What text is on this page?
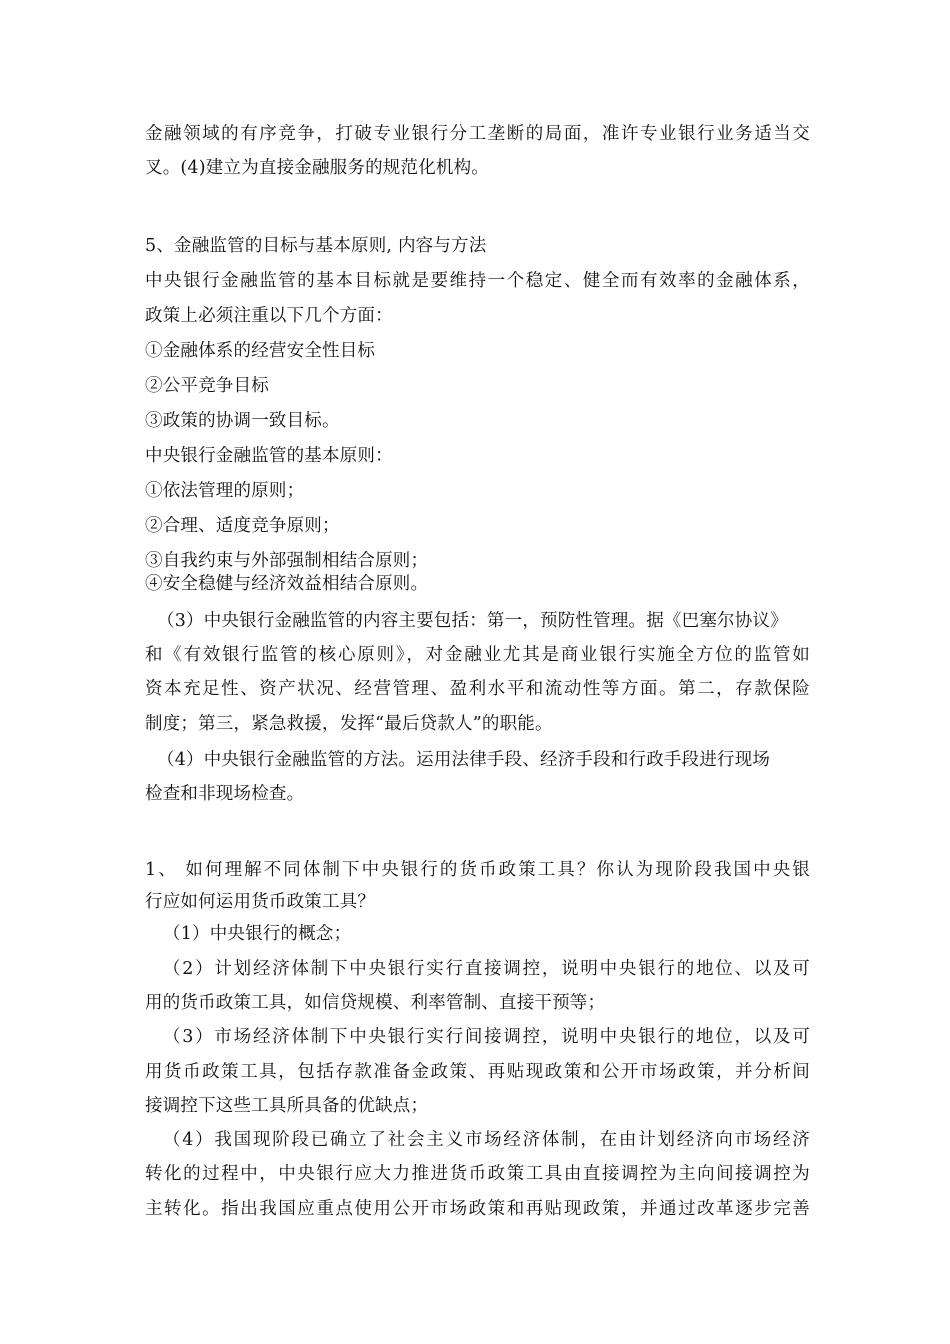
金融领域的有序竞争，打破专业银行分工垄断的局面，准许专业银行业务适当交
叉。(4)建立为直接金融服务的规范化机构。
5、金融监管的目标与基本原则, 内容与方法
中央银行金融监管的基本目标就是要维持一个稳定、健全而有效率的金融体系，
政策上必须注重以下几个方面：
①金融体系的经营安全性目标
②公平竞争目标
③政策的协调一致目标。
中央银行金融监管的基本原则：
①依法管理的原则；
②合理、适度竞争原则；
③自我约束与外部强制相结合原则；
④安全稳健与经济效益相结合原则。
（3）中央银行金融监管的内容主要包括：第一，预防性管理。据《巴塞尔协议》
和《有效银行监管的核心原则》，对金融业尤其是商业银行实施全方位的监管如
资本充足性、资产状况、经营管理、盈利水平和流动性等方面。第二，存款保险
制度；第三，紧急救援，发挥“最后贷款人”的职能。
（4）中央银行金融监管的方法。运用法律手段、经济手段和行政手段进行现场
检查和非现场检查。
1、 如何理解不同体制下中央银行的货币政策工具？你认为现阶段我国中央银
行应如何运用货币政策工具？
（1）中央银行的概念；
（2）计划经济体制下中央银行实行直接调控，说明中央银行的地位、以及可
用的货币政策工具，如信贷规模、利率管制、直接干预等；
（3）市场经济体制下中央银行实行间接调控，说明中央银行的地位，以及可
用货币政策工具，包括存款准备金政策、再贴现政策和公开市场政策，并分析间
接调控下这些工具所具备的优缺点；
（4）我国现阶段已确立了社会主义市场经济体制，在由计划经济向市场经济
转化的过程中，中央银行应大力推进货币政策工具由直接调控为主向间接调控为
主转化。指出我国应重点使用公开市场政策和再贴现政策，并通过改革逐步完善
